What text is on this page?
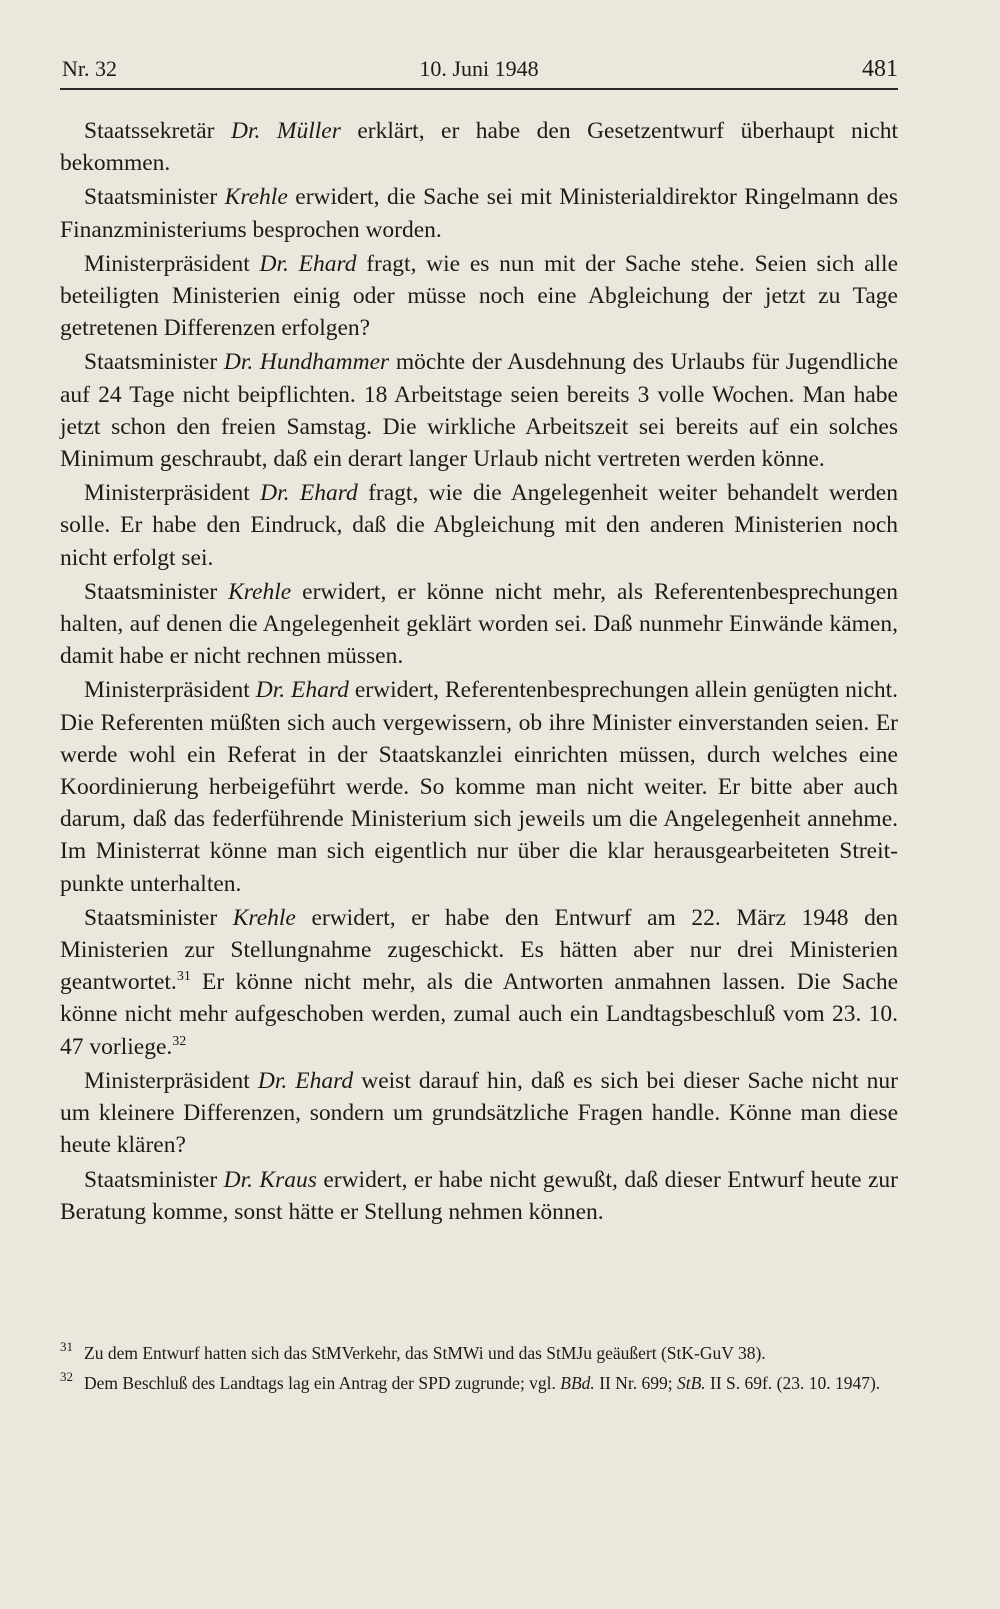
Nr. 32	10. Juni 1948	481

Staatssekretär Dr. Müller erklärt, er habe den Gesetzentwurf überhaupt nicht bekommen.

Staatsminister Krehle erwidert, die Sache sei mit Ministerialdirektor Ringelmann des Finanzministeriums besprochen worden.

Ministerpräsident Dr. Ehard fragt, wie es nun mit der Sache stehe. Seien sich alle beteiligten Ministerien einig oder müsse noch eine Abgleichung der jetzt zu Tage getretenen Differenzen erfolgen?

Staatsminister Dr. Hundhammer möchte der Ausdehnung des Urlaubs für Jugendliche auf 24 Tage nicht beipflichten. 18 Arbeitstage seien bereits 3 volle Wochen. Man habe jetzt schon den freien Samstag. Die wirkliche Arbeitszeit sei bereits auf ein solches Minimum geschraubt, daß ein derart langer Urlaub nicht vertreten werden könne.

Ministerpräsident Dr. Ehard fragt, wie die Angelegenheit weiter behandelt werden solle. Er habe den Eindruck, daß die Abgleichung mit den anderen Ministerien noch nicht erfolgt sei.

Staatsminister Krehle erwidert, er könne nicht mehr, als Referentenbesprechungen halten, auf denen die Angelegenheit geklärt worden sei. Daß nunmehr Einwände kämen, damit habe er nicht rechnen müssen.

Ministerpräsident Dr. Ehard erwidert, Referentenbesprechungen allein genügten nicht. Die Referenten müßten sich auch vergewissern, ob ihre Minister einverstanden seien. Er werde wohl ein Referat in der Staatskanzlei einrichten müssen, durch welches eine Koordinierung herbeigeführt werde. So komme man nicht weiter. Er bitte aber auch darum, daß das federführende Ministerium sich jeweils um die Angelegenheit annehme. Im Ministerrat könne man sich eigentlich nur über die klar herausgearbeiteten Streitpunkte unterhalten.

Staatsminister Krehle erwidert, er habe den Entwurf am 22. März 1948 den Ministerien zur Stellungnahme zugeschickt. Es hätten aber nur drei Ministerien geantwortet.$^{31}$ Er könne nicht mehr, als die Antworten anmahnen lassen. Die Sache könne nicht mehr aufgeschoben werden, zumal auch ein Landtagsbeschluß vom 23. 10. 47 vorliege.$^{32}$

Ministerpräsident Dr. Ehard weist darauf hin, daß es sich bei dieser Sache nicht nur um kleinere Differenzen, sondern um grundsätzliche Fragen handle. Könne man diese heute klären?

Staatsminister Dr. Kraus erwidert, er habe nicht gewußt, daß dieser Entwurf heute zur Beratung komme, sonst hätte er Stellung nehmen können.

31 Zu dem Entwurf hatten sich das StMVerkehr, das StMWi und das StMJu geäußert (StK-GuV 38).
32 Dem Beschluß des Landtags lag ein Antrag der SPD zugrunde; vgl. BBd. II Nr. 699; StB. II S. 69f. (23. 10. 1947).
